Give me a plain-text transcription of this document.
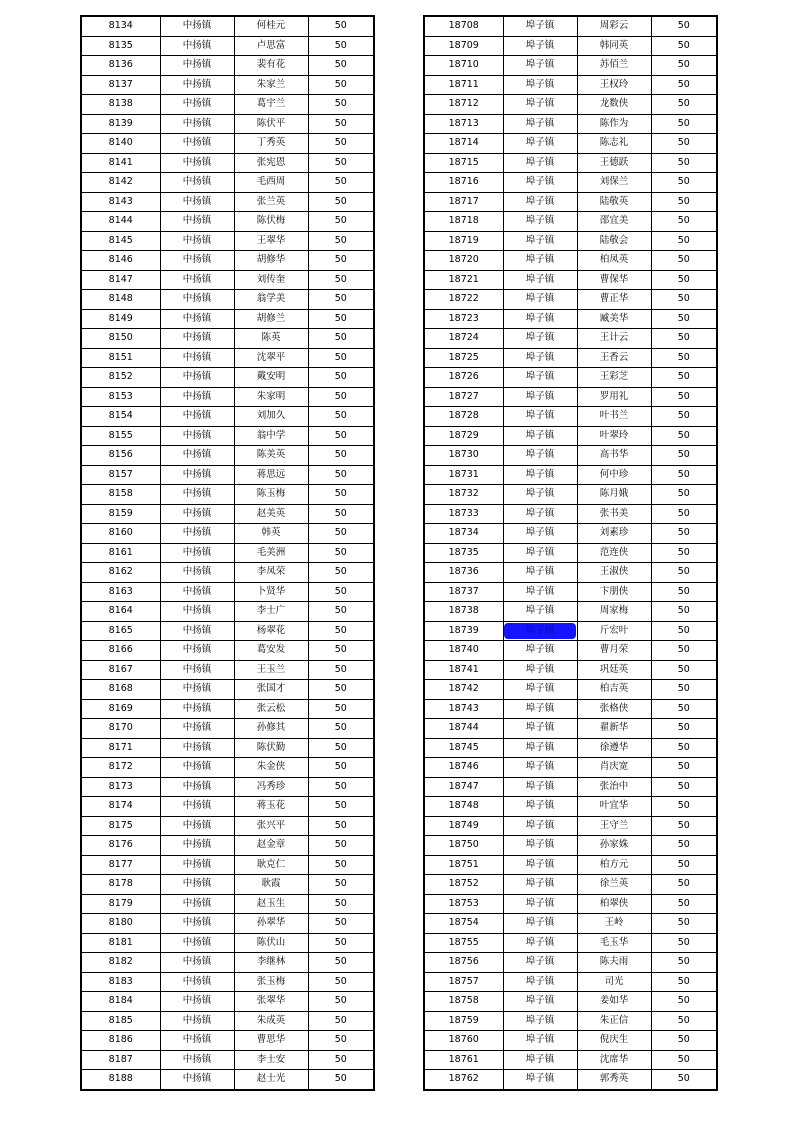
8134	中扬镇	何桂元	50
8135	中扬镇	卢思富	50
8136	中扬镇	裴有花	50
8137	中扬镇	朱家兰	50
8138	中扬镇	葛宇兰	50
8139	中扬镇	陈伏平	50
8140	中扬镇	丁秀英	50
8141	中扬镇	张宪恩	50
8142	中扬镇	毛西周	50
8143	中扬镇	张兰英	50
8144	中扬镇	陈伏梅	50
8145	中扬镇	王翠华	50
8146	中扬镇	胡修华	50
8147	中扬镇	刘传奎	50
8148	中扬镇	翁学美	50
8149	中扬镇	胡修兰	50
8150	中扬镇	陈英	50
8151	中扬镇	沈翠平	50
8152	中扬镇	戴安明	50
8153	中扬镇	朱家明	50
8154	中扬镇	刘加久	50
8155	中扬镇	翁中学	50
8156	中扬镇	陈美英	50
8157	中扬镇	蒋思远	50
8158	中扬镇	陈玉梅	50
8159	中扬镇	赵美英	50
8160	中扬镇	韩英	50
8161	中扬镇	毛美洲	50
8162	中扬镇	李凤荣	50
8163	中扬镇	卜贤华	50
8164	中扬镇	李士广	50
8165	中扬镇	杨翠花	50
8166	中扬镇	葛安发	50
8167	中扬镇	王玉兰	50
8168	中扬镇	张国才	50
8169	中扬镇	张云松	50
8170	中扬镇	孙修其	50
8171	中扬镇	陈伏勤	50
8172	中扬镇	朱金侠	50
8173	中扬镇	冯秀珍	50
8174	中扬镇	蒋玉花	50
8175	中扬镇	张兴平	50
8176	中扬镇	赵金章	50
8177	中扬镇	耿克仁	50
8178	中扬镇	耿霞	50
8179	中扬镇	赵玉生	50
8180	中扬镇	孙翠华	50
8181	中扬镇	陈伏山	50
8182	中扬镇	李继林	50
8183	中扬镇	张玉梅	50
8184	中扬镇	张翠华	50
8185	中扬镇	朱成英	50
8186	中扬镇	曹思华	50
8187	中扬镇	李士安	50
8188	中扬镇	赵士光	50
18708	埠子镇	周彩云	50
18709	埠子镇	韩同英	50
18710	埠子镇	苏佰兰	50
18711	埠子镇	王权玲	50
18712	埠子镇	龙数侠	50
18713	埠子镇	陈作为	50
18714	埠子镇	陈志礼	50
18715	埠子镇	王德跃	50
18716	埠子镇	刘保兰	50
18717	埠子镇	陆敬英	50
18718	埠子镇	邵宜美	50
18719	埠子镇	陆敬会	50
18720	埠子镇	柏凤英	50
18721	埠子镇	曹保华	50
18722	埠子镇	曹正华	50
18723	埠子镇	臧美华	50
18724	埠子镇	王计云	50
18725	埠子镇	王香云	50
18726	埠子镇	王彩芝	50
18727	埠子镇	罗用礼	50
18728	埠子镇	叶书兰	50
18729	埠子镇	叶翠玲	50
18730	埠子镇	高书华	50
18731	埠子镇	何中珍	50
18732	埠子镇	陈月娥	50
18733	埠子镇	张书美	50
18734	埠子镇	刘素珍	50
18735	埠子镇	范连侠	50
18736	埠子镇	王淑侠	50
18737	埠子镇	卞朋侠	50
18738	埠子镇	周家梅	50
18739	埠子镇	斤宏叶	50
18740	埠子镇	曹月荣	50
18741	埠子镇	巩廷英	50
18742	埠子镇	柏吉英	50
18743	埠子镇	张格侠	50
18744	埠子镇	翟新华	50
18745	埠子镇	徐遵华	50
18746	埠子镇	肖庆宽	50
18747	埠子镇	张治中	50
18748	埠子镇	叶宜华	50
18749	埠子镇	王守兰	50
18750	埠子镇	孙家姝	50
18751	埠子镇	柏方元	50
18752	埠子镇	徐兰英	50
18753	埠子镇	柏翠侠	50
18754	埠子镇	王岭	50
18755	埠子镇	毛玉华	50
18756	埠子镇	陈夫雨	50
18757	埠子镇	司光	50
18758	埠子镇	姜如华	50
18759	埠子镇	朱正信	50
18760	埠子镇	倪庆生	50
18761	埠子镇	沈席华	50
18762	埠子镇	郭秀英	50
